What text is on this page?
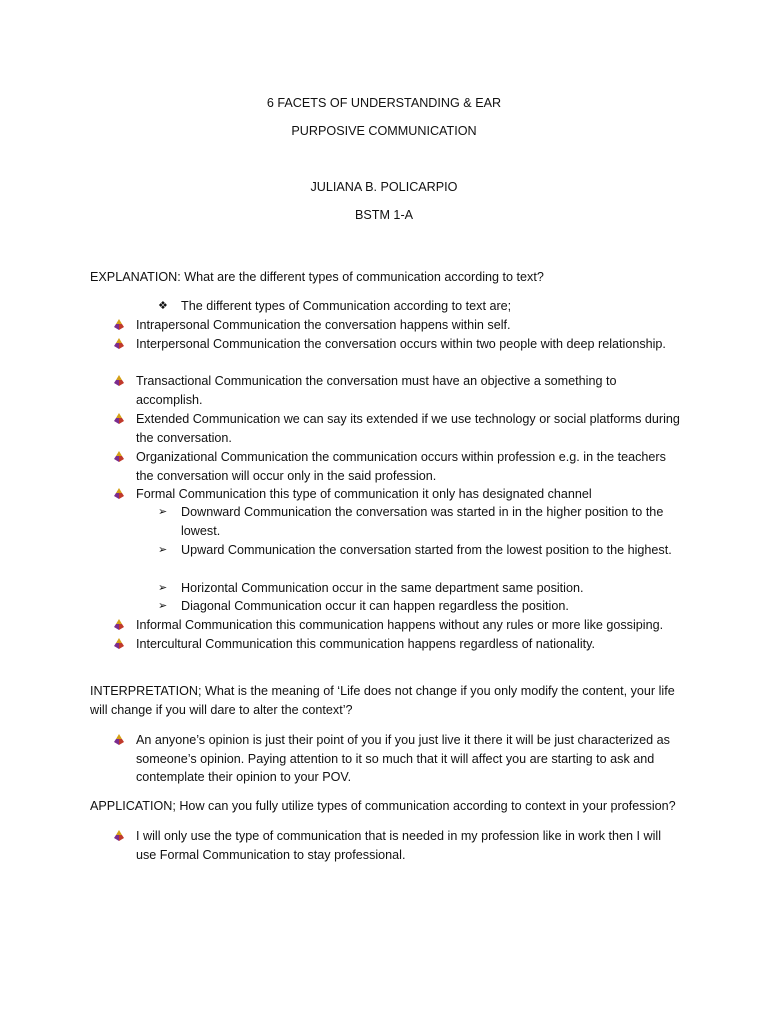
6 FACETS OF UNDERSTANDING & EAR
PURPOSIVE COMMUNICATION
JULIANA B. POLICARPIO
BSTM 1-A
EXPLANATION: What are the different types of communication according to text?
❖	The different types of Communication according to text are;
Intrapersonal Communication the conversation happens within self.
Interpersonal Communication the conversation occurs within two people with deep relationship.
Transactional Communication the conversation must have an objective a something to accomplish.
Extended Communication we can say its extended if we use technology or social platforms during the conversation.
Organizational Communication the communication occurs within profession e.g. in the teachers the conversation will occur only in the said profession.
Formal Communication this type of communication it only has designated channel
➢	Downward Communication the conversation was started in in the higher position to the lowest.
➢	Upward Communication the conversation started from the lowest position to the highest.
➢	Horizontal Communication occur in the same department same position.
➢	Diagonal Communication occur it can happen regardless the position.
Informal Communication this communication happens without any rules or more like gossiping.
Intercultural Communication this communication happens regardless of nationality.
INTERPRETATION; What is the meaning of ‘Life does not change if you only modify the content, your life will change if you will dare to alter the context’?
An anyone’s opinion is just their point of you if you just live it there it will be just characterized as someone’s opinion. Paying attention to it so much that it will affect you are starting to ask and contemplate their opinion to your POV.
APPLICATION; How can you fully utilize types of communication according to context in your profession?
I will only use the type of communication that is needed in my profession like in work then I will use Formal Communication to stay professional.
